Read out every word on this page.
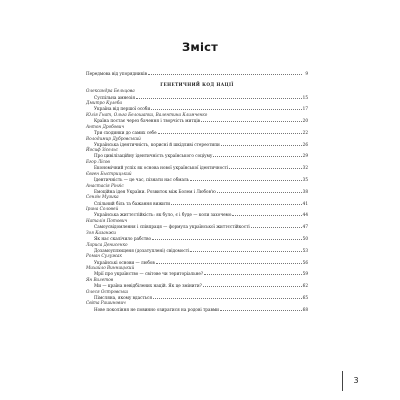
Зміст
Передмова від упорядників	9
ГЕНЕТИЧНИЙ КОД НАЦІЇ
Олександра Бельцова
Суспільна амнезія	15
Дмитро Кулеба
Україна від першої особи	17
Юлія Гнат, Ольга Белошапка, Валентина Климченко
Країна постає через бачення і творчість митців	20
Антон Дробович
Три сходинки до самих себе	22
Володимир Дубровський
Українська ідентичність, корисні й шкідливі стереотипи	26
Йосиф Зісельс
Про цивілізаційну ідентичність українського соціуму	29
Егор Лісов
Економічний успіх як основа нової української ідентичності	32
Євген Быстрицький
Ідентичність — це час, пізнати нас обмаль	35
Анастасія Рінгіс
Емоційна ідея України. Розвиток між Болем і Любов'ю	38
Сенгін Музика
Спільний біль та бажання вижити	41
Ірина Соловей
Українська життєстійкість: як було, є і буде — коли захочемо	44
Наталія Потович
Самоусвідомлення і співпраця — формула української життєстійкості	47
Зоя Казанжи
Як нас скалічило рабство	50
Лариса Денисенко
Дозамоуплющеня (дозатуплені) свідомості	53
Роман Сулужак
Українські основи — любов	56
Михайло Винницький
Мрії про українство — світове чи територіальне?	59
Ян Валетов
Ми — країна невідбілених націй. Як це змінити?	62
Олеся Островська
Пімсляна, якому вдасться	65
Світа Рашинович
Нове покоління не повинно озиратися на родові травми	68
3
